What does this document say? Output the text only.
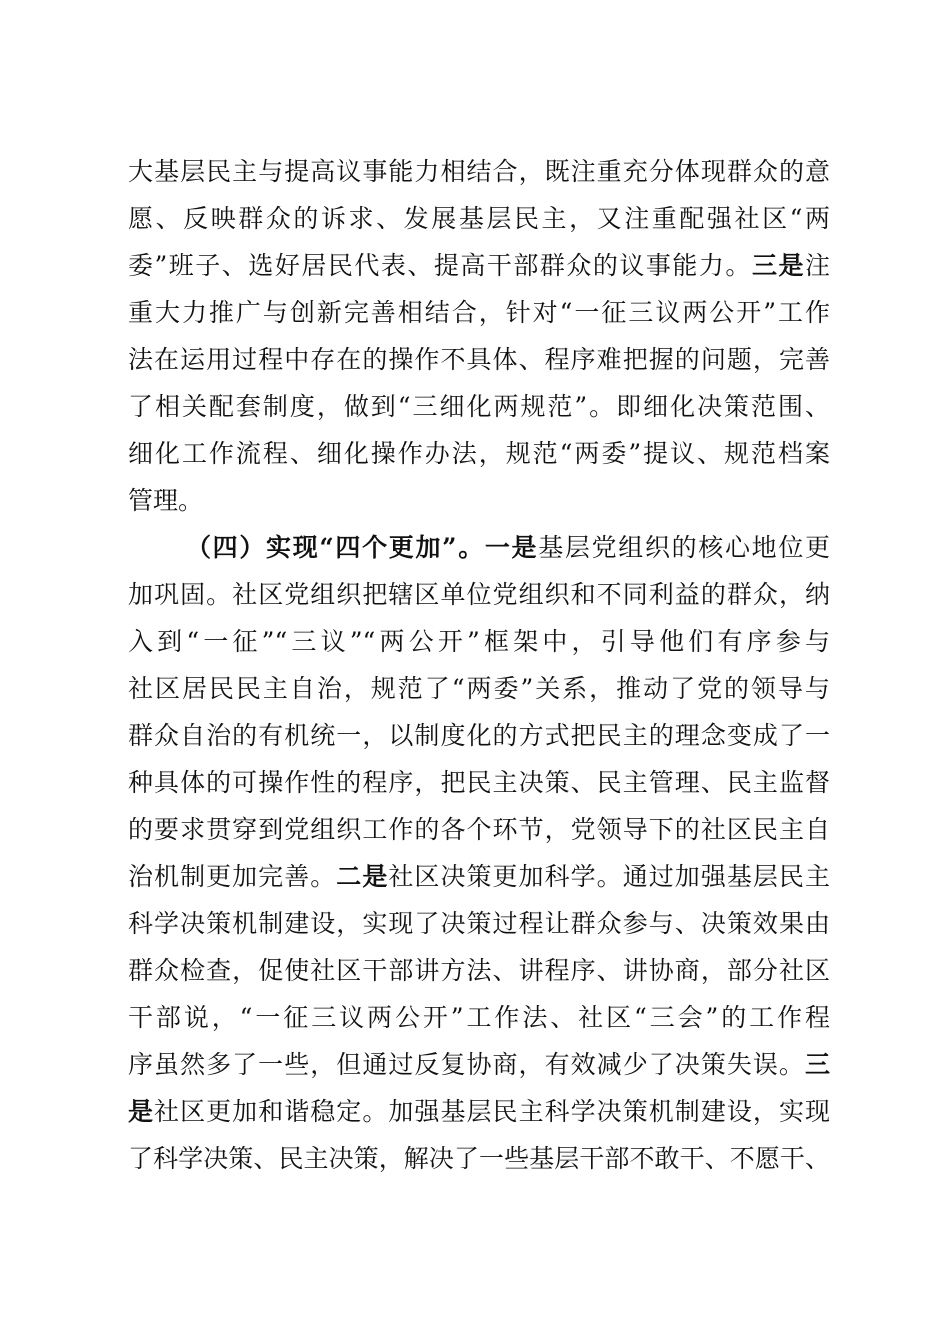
大基层民主与提高议事能力相结合，既注重充分体现群众的意
愿、反映群众的诉求、发展基层民主，又注重配强社区“两
委”班子、选好居民代表、提高干部群众的议事能力。三是注
重大力推广与创新完善相结合，针对“一征三议两公开”工作
法在运用过程中存在的操作不具体、程序难把握的问题，完善
了相关配套制度，做到“三细化两规范”。即细化决策范围、
细化工作流程、细化操作办法，规范“两委”提议、规范档案
管理。
（四）实现“四个更加”。一是基层党组织的核心地位更
加巩固。社区党组织把辖区单位党组织和不同利益的群众，纳
入到“一征”“三议”“两公开”框架中，引导他们有序参与
社区居民民主自治，规范了“两委”关系，推动了党的领导与
群众自治的有机统一，以制度化的方式把民主的理念变成了一
种具体的可操作性的程序，把民主决策、民主管理、民主监督
的要求贯穿到党组织工作的各个环节，党领导下的社区民主自
治机制更加完善。二是社区决策更加科学。通过加强基层民主
科学决策机制建设，实现了决策过程让群众参与、决策效果由
群众检查，促使社区干部讲方法、讲程序、讲协商，部分社区
干部说，“一征三议两公开”工作法、社区“三会”的工作程
序虽然多了一些，但通过反复协商，有效减少了决策失误。三
是社区更加和谐稳定。加强基层民主科学决策机制建设，实现
了科学决策、民主决策，解决了一些基层干部不敢干、不愿干、
